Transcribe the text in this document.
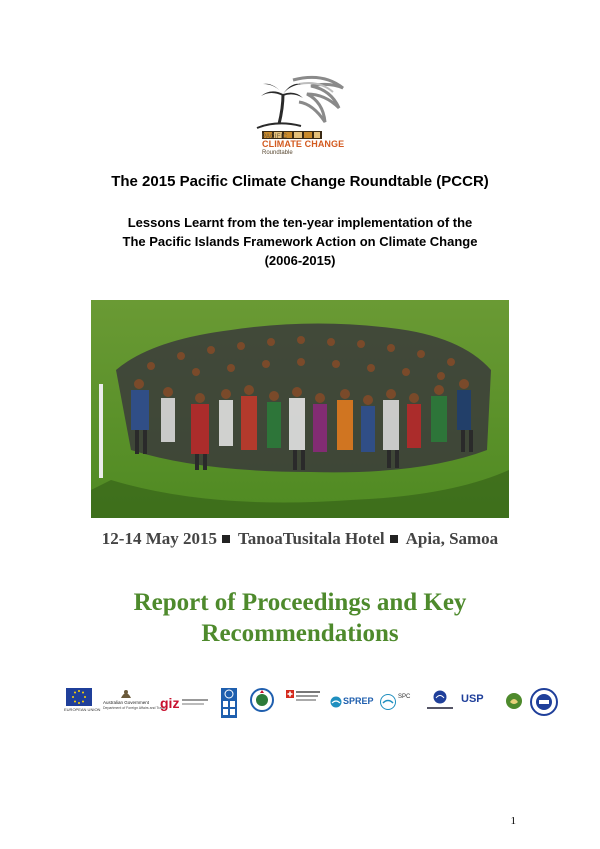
PACIFIC
CLIMATE CHANGE
Roundtable
The 2015 Pacific Climate Change Roundtable (PCCR)
Lessons Learnt from the ten-year implementation of the
The Pacific Islands Framework Action on Climate Change
(2006-2015)
12-14 May 2015 TanoaTusitala Hotel Apia, Samoa
Report of Proceedings and Key
Recommendations
EUROPEAN UNION
Australian Government
Department of Foreign Affairs and Trade
giz	SPREP	SPC	USP
1
